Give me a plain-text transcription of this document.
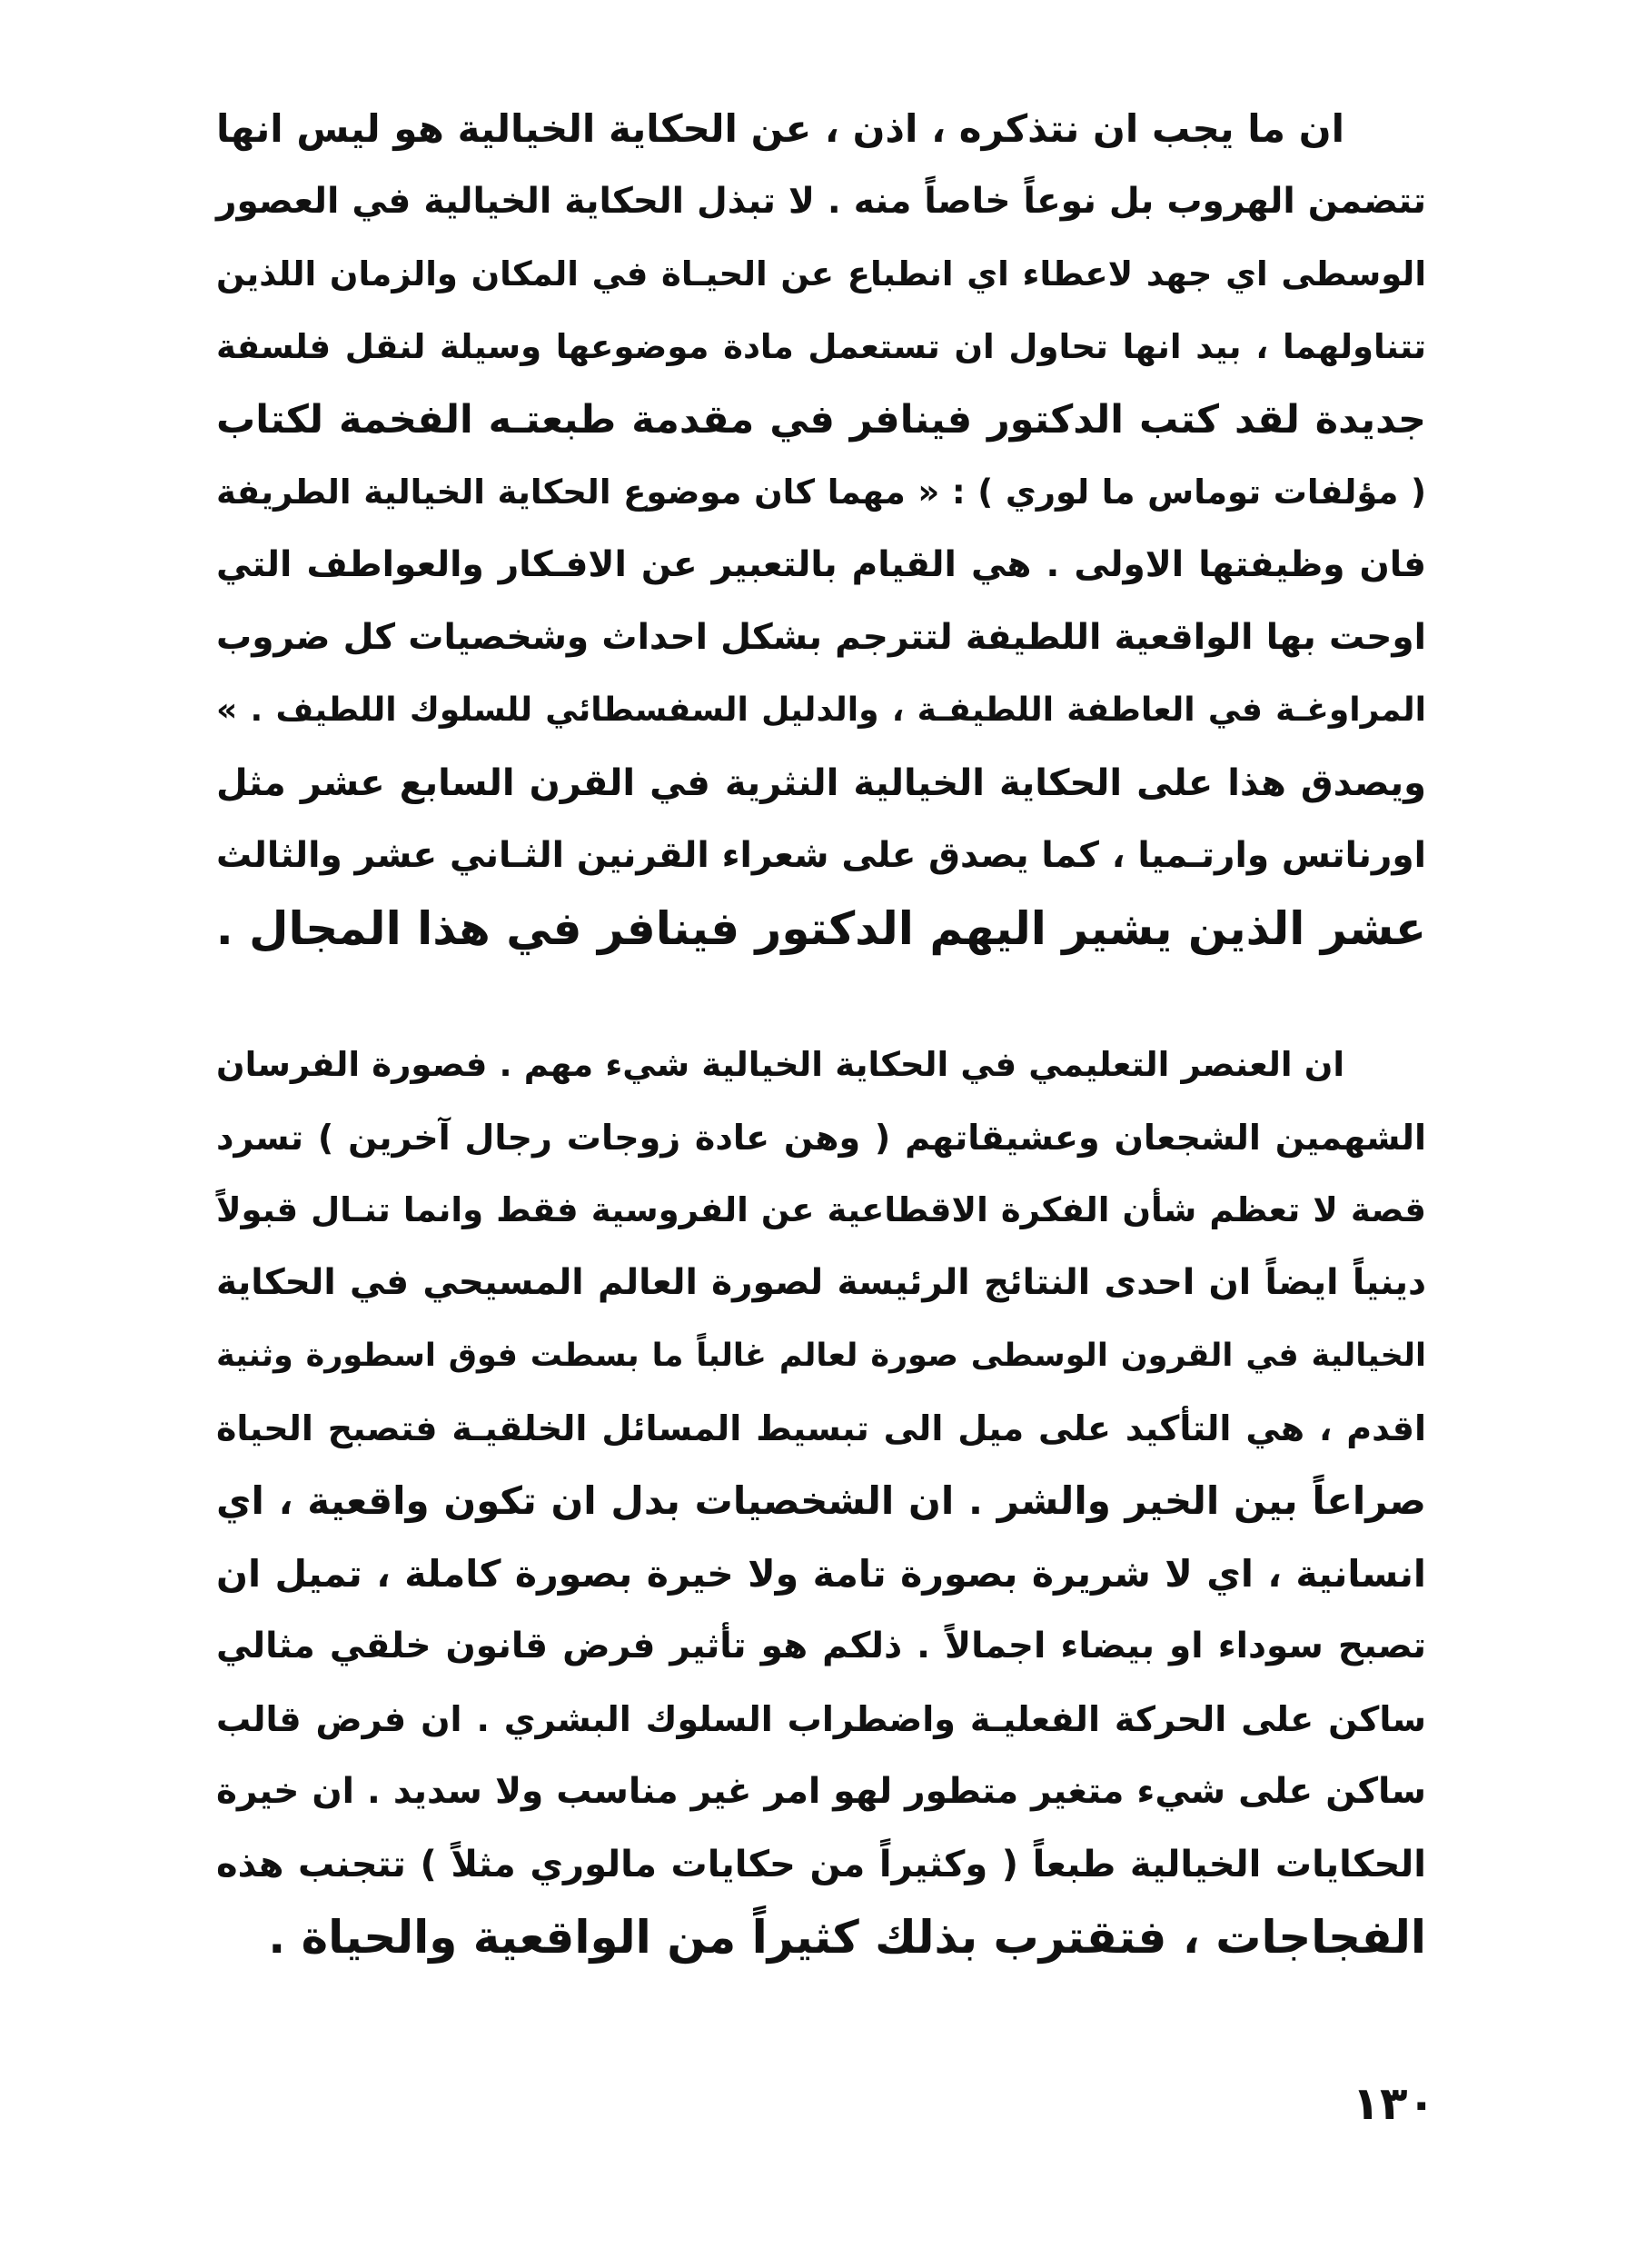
ان ما يجب ان نتذكره ، اذن ، عن الحكاية الخيالية هو ليس انها
تتضمن الهروب بل نوعاً خاصاً منه . لا تبذل الحكاية الخيالية في العصور
الوسطى اي جهد لاعطاء اي انطباع عن الحيـاة في المكان والزمان اللذين
تتناولهما ، بيد انها تحاول ان تستعمل مادة موضوعها وسيلة لنقل فلسفة
جديدة لقد كتب الدكتور فينافر في مقدمة طبعتـه الفخمة لكتاب
( مؤلفات توماس ما لوري ) : « مهما كان موضوع الحكاية الخيالية الطريفة
فان وظيفتها الاولى . هي القيام بالتعبير عن الافـكار والعواطف التي
اوحت بها الواقعية اللطيفة لتترجم بشكل احداث وشخصيات كل ضروب
المراوغـة في العاطفة اللطيفـة ، والدليل السفسطائي للسلوك اللطيف . »
ويصدق هذا على الحكاية الخيالية النثرية في القرن السابع عشر مثل
اورناتس وارتـميا ، كما يصدق على شعراء القرنين الثـاني عشر والثالث
عشر الذين يشير اليهم الدكتور فينافر في هذا المجال .
ان العنصر التعليمي في الحكاية الخيالية شيء مهم . فصورة الفرسان
الشهمين الشجعان وعشيقاتهم ( وهن عادة زوجات رجال آخرين ) تسرد
قصة لا تعظم شأن الفكرة الاقطاعية عن الفروسية فقط وانما تنـال قبولاً
دينياً ايضاً ان احدى النتائج الرئيسة لصورة العالم المسيحي في الحكاية
الخيالية في القرون الوسطى صورة لعالم غالباً ما بسطت فوق اسطورة وثنية
اقدم ، هي التأكيد على ميل الى تبسيط المسائل الخلقيـة فتصبح الحياة
صراعاً بين الخير والشر . ان الشخصيات بدل ان تكون واقعية ، اي
انسانية ، اي لا شريرة بصورة تامة ولا خيرة بصورة كاملة ، تميل ان
تصبح سوداء او بيضاء اجمالاً . ذلكم هو تأثير فرض قانون خلقي مثالي
ساكن على الحركة الفعليـة واضطراب السلوك البشري . ان فرض قالب
ساكن على شيء متغير متطور لهو امر غير مناسب ولا سديد . ان خيرة
الحكايات الخيالية طبعاً ( وكثيراً من حكايات مالوري مثلاً ) تتجنب هذه
الفجاجات ، فتقترب بذلك كثيراً من الواقعية والحياة .
١٣٠
